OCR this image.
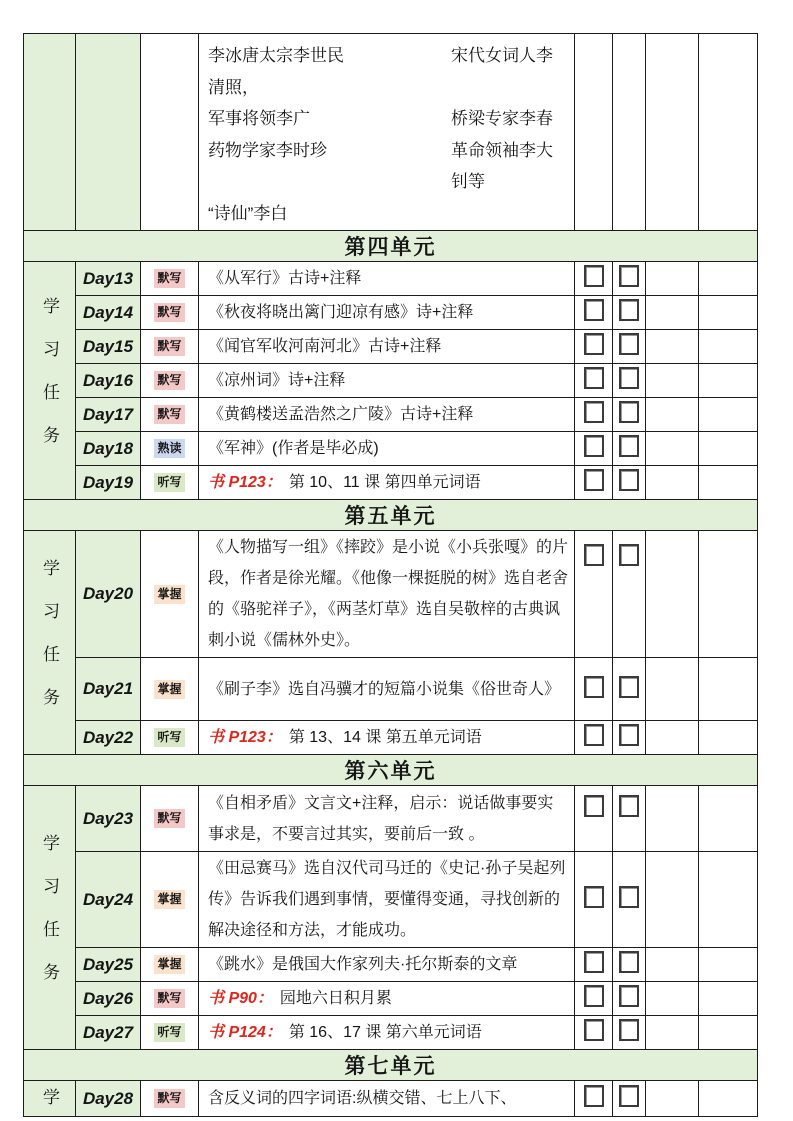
李冰唐太宗李世民	宋代女词人李
清照，
军事将领李广	桥梁专家李春
药物学家李时珍	革命领袖李大钊等
“诗仙”李白

第四单元							
学习任务	Day13	默写	《从军行》古诗+注释				
	Day14	默写	《秋夜将晓出篱门迎凉有感》诗+注释				
	Day15	默写	《闻官军收河南河北》古诗+注释				
	Day16	默写	《凉州词》诗+注释				
	Day17	默写	《黄鹤楼送孟浩然之广陵》古诗+注释				
	Day18	熟读	《军神》(作者是毕必成)				
	Day19	听写	书 P123： 第 10、11 课 第四单元词语				
第五单元							
学习任务	Day20	掌握	《人物描写一组》《摔跤》是小说《小兵张嘎》的片段，作者是徐光耀。《他像一棵挺脱的树》选自老舍的《骆驼祥子》，《两茎灯草》选自吴敬梓的古典讽刺小说《儒林外史》。				
	Day21	掌握	《刷子李》选自冯骥才的短篇小说集《俗世奇人》				
	Day22	听写	书 P123： 第 13、14 课 第五单元词语				
第六单元							
学习任务	Day23	默写	《自相矛盾》文言文+注释，启示：说话做事要实事求是，不要言过其实，要前后一致 。				
	Day24	掌握	《田忌赛马》选自汉代司马迁的《史记·孙子吴起列传》告诉我们遇到事情，要懂得变通，寻找创新的解决途径和方法，才能成功。				
	Day25	掌握	《跳水》是俄国大作家列夫·托尔斯泰的文章				
	Day26	默写	书 P90： 园地六日积月累				
	Day27	听写	书 P124： 第 16、17 课 第六单元词语				
第七单元							
学	Day28	默写	含反义词的四字词语:纵横交错、七上八下、				
